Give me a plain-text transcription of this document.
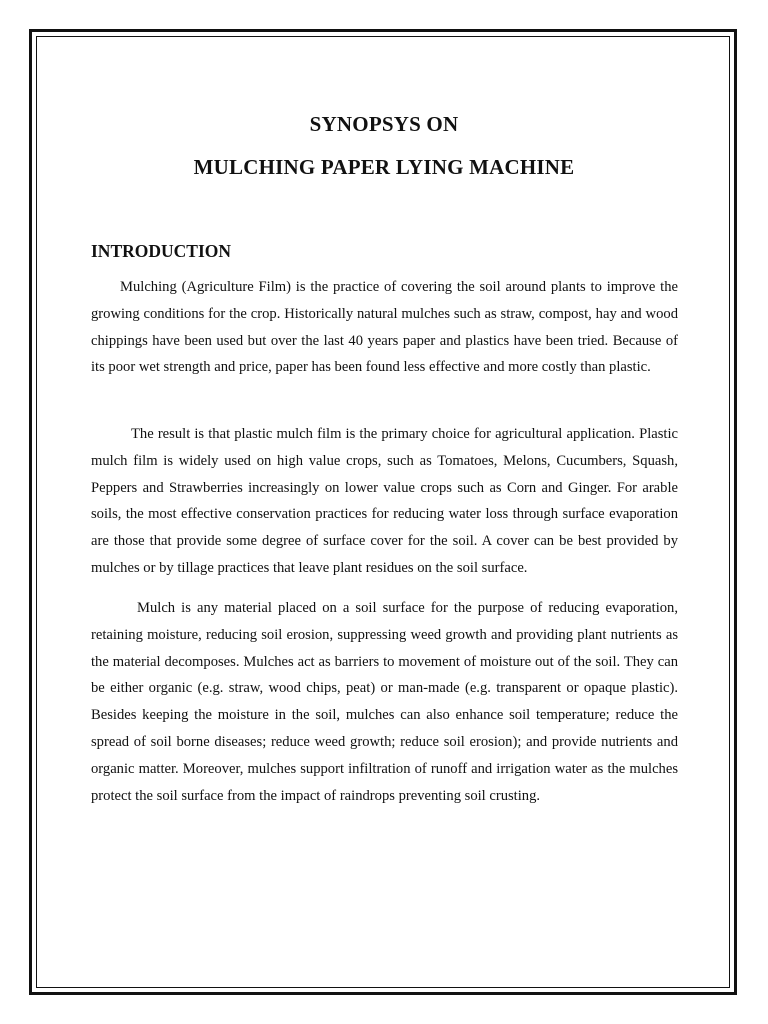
SYNOPSYS ON
MULCHING PAPER LYING MACHINE
INTRODUCTION

Mulching (Agriculture Film) is the practice of covering the soil around plants to improve the growing conditions for the crop. Historically natural mulches such as straw, compost, hay and wood chippings have been used but over the last 40 years paper and plastics have been tried. Because of its poor wet strength and price, paper has been found less effective and more costly than plastic.

The result is that plastic mulch film is the primary choice for agricultural application. Plastic mulch film is widely used on high value crops, such as Tomatoes, Melons, Cucumbers, Squash, Peppers and Strawberries increasingly on lower value crops such as Corn and Ginger. For arable soils, the most effective conservation practices for reducing water loss through surface evaporation are those that provide some degree of surface cover for the soil. A cover can be best provided by mulches or by tillage practices that leave plant residues on the soil surface.

Mulch is any material placed on a soil surface for the purpose of reducing evaporation, retaining moisture, reducing soil erosion, suppressing weed growth and providing plant nutrients as the material decomposes. Mulches act as barriers to movement of moisture out of the soil. They can be either organic (e.g. straw, wood chips, peat) or man-made (e.g. transparent or opaque plastic). Besides keeping the moisture in the soil, mulches can also enhance soil temperature; reduce the spread of soil borne diseases; reduce weed growth; reduce soil erosion); and provide nutrients and organic matter. Moreover, mulches support infiltration of runoff and irrigation water as the mulches protect the soil surface from the impact of raindrops preventing soil crusting.
